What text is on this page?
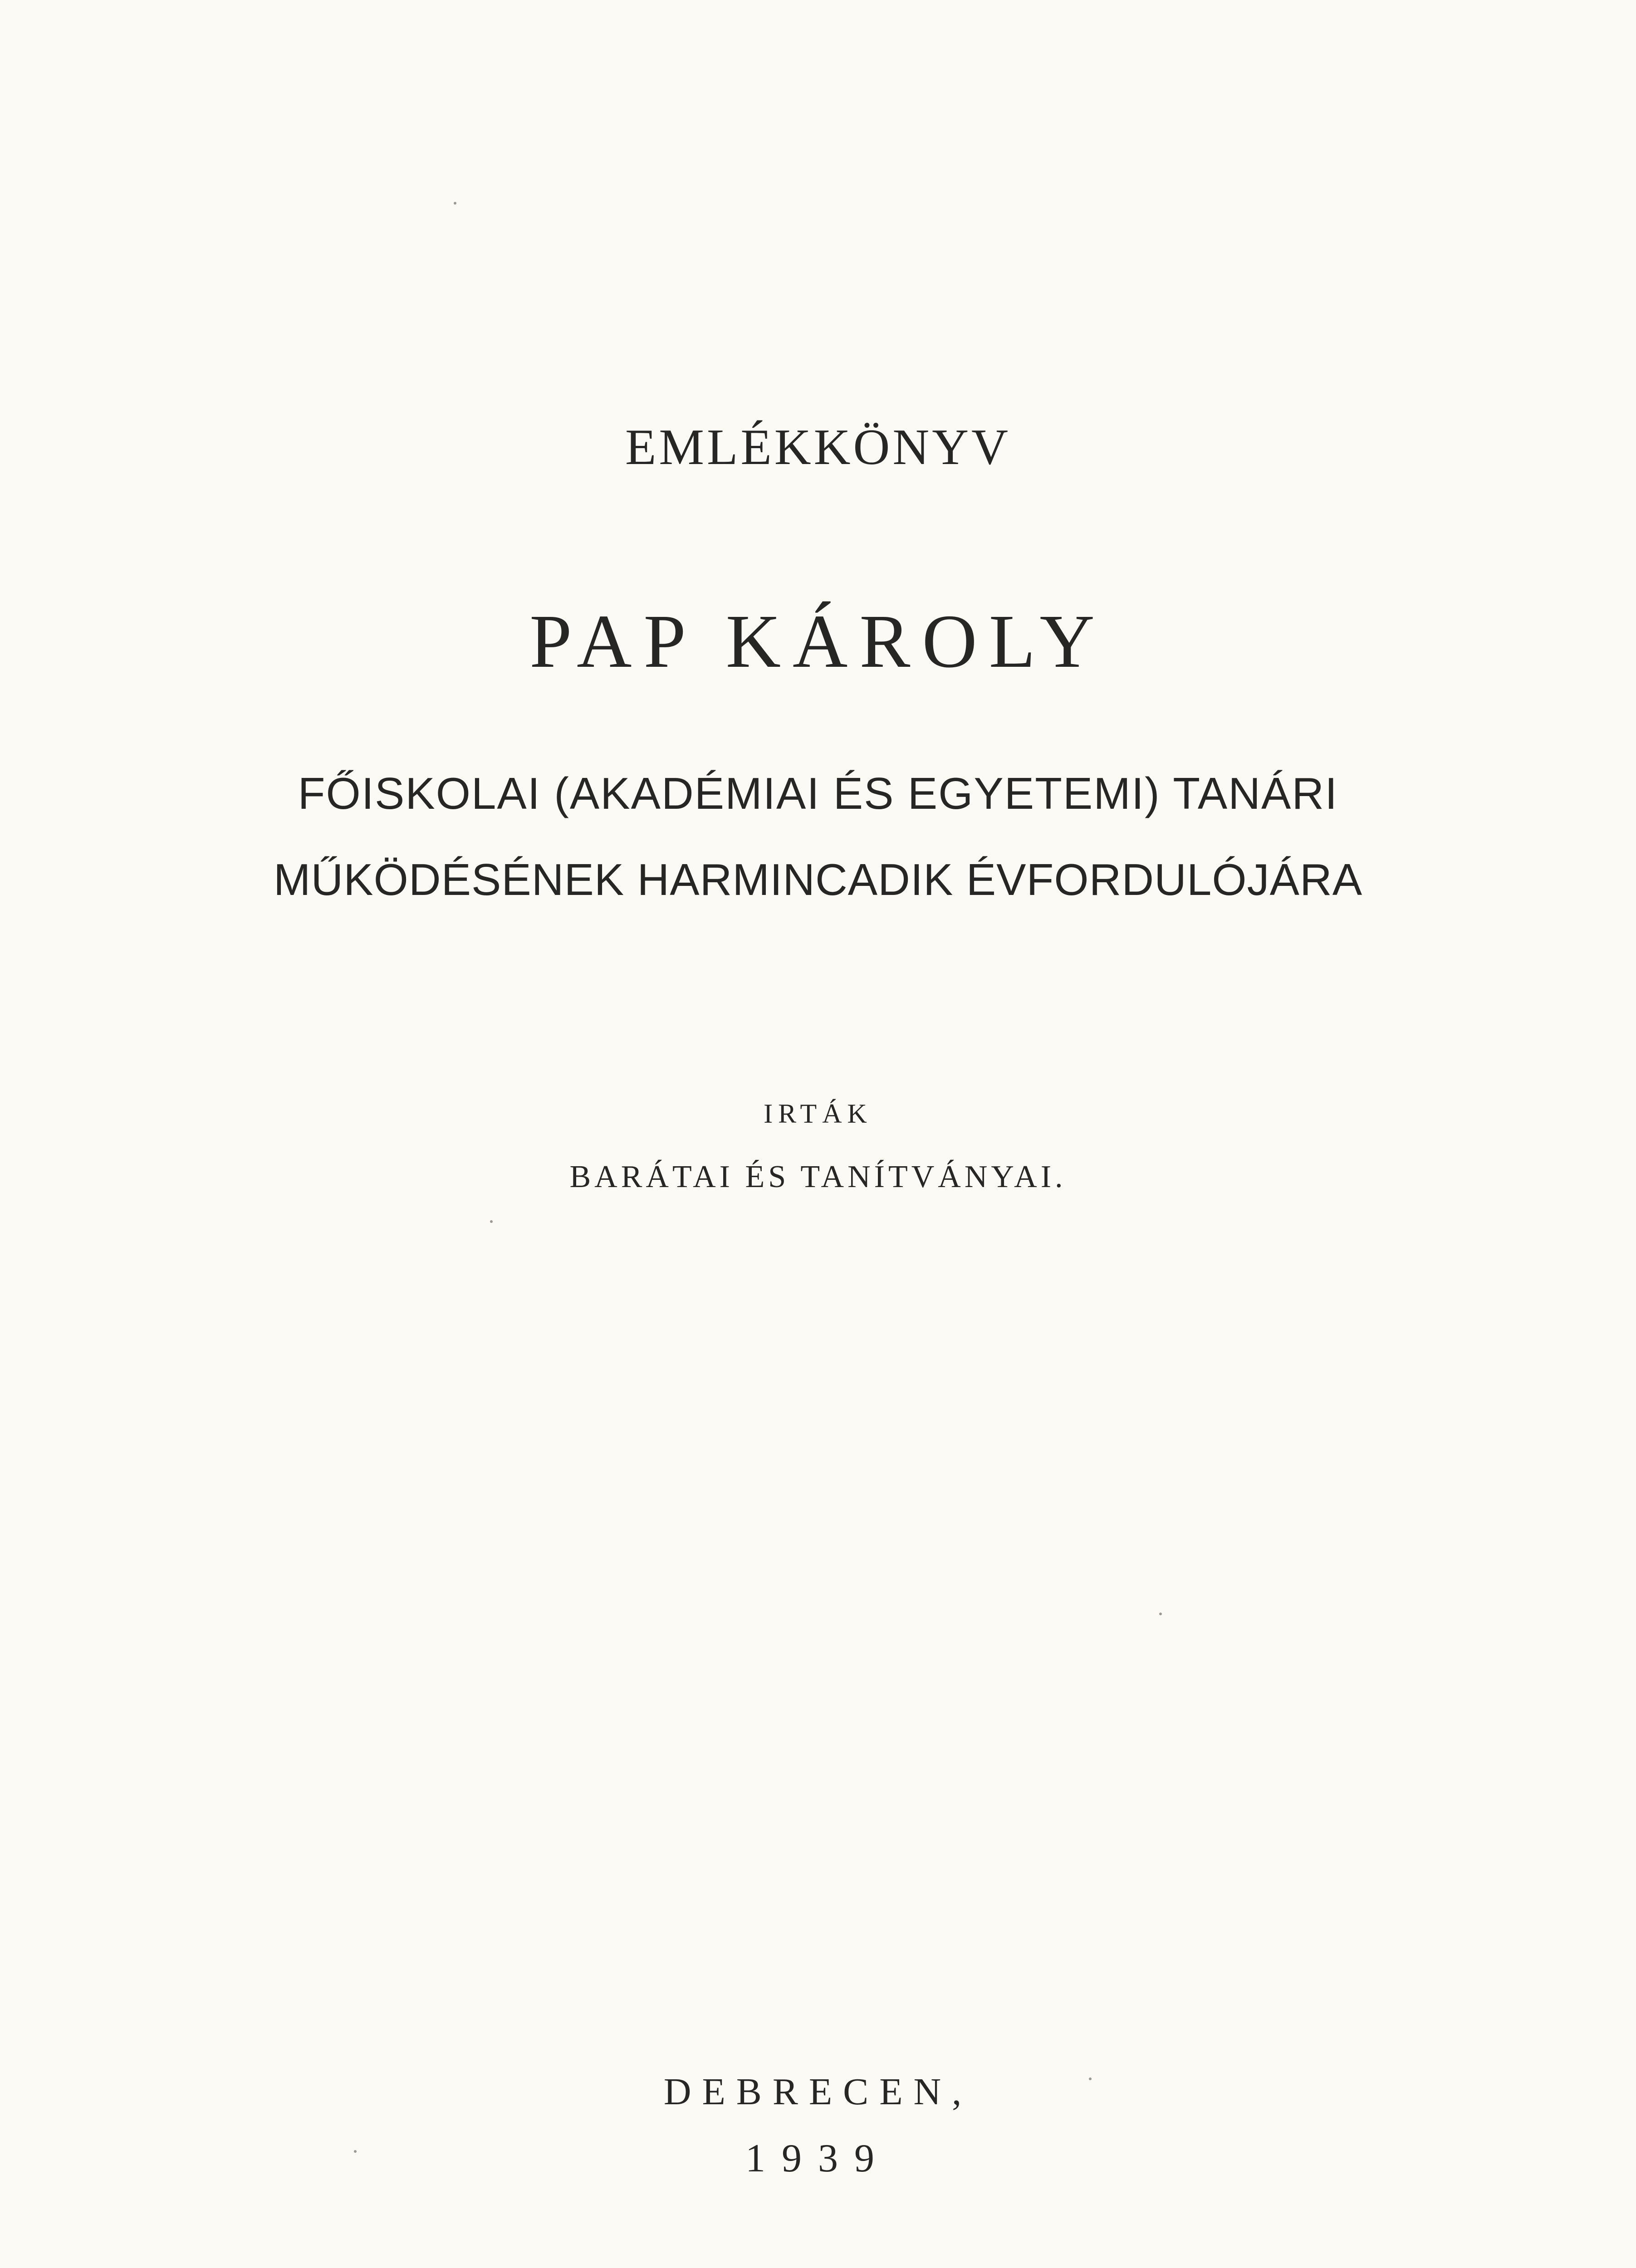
EMLÉKKÖNYV
PAP KÁROLY
FŐISKOLAI (AKADÉMIAI ÉS EGYETEMI) TANÁRI
MŰKÖDÉSÉNEK HARMINCADIK ÉVFORDULÓJÁRA
IRTÁK
BARÁTAI ÉS TANÍTVÁNYAI.
DEBRECEN,
1939
